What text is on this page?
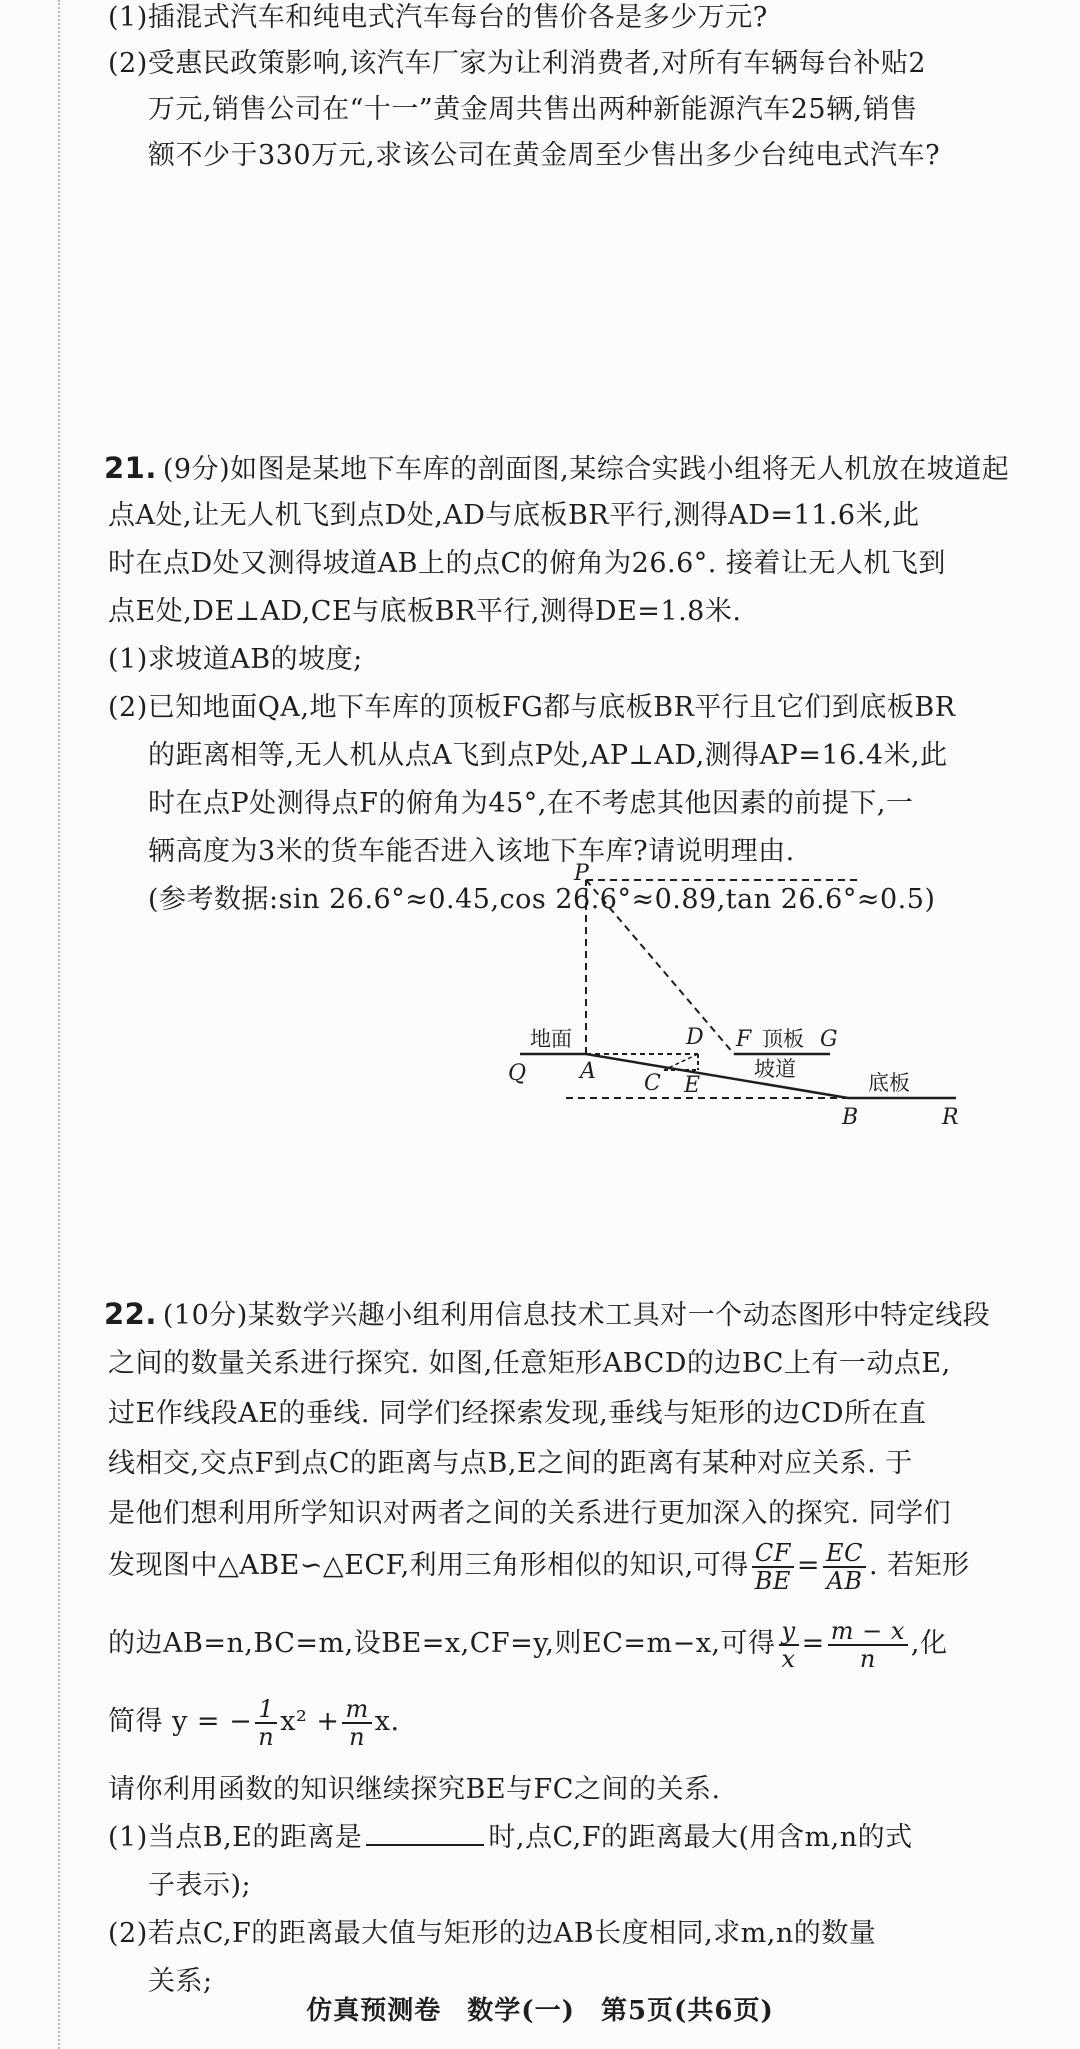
(1)插混式汽车和纯电式汽车每台的售价各是多少万元?
(2)受惠民政策影响,该汽车厂家为让利消费者,对所有车辆每台补贴2
万元,销售公司在“十一”黄金周共售出两种新能源汽车25辆,销售
额不少于330万元,求该公司在黄金周至少售出多少台纯电式汽车?
21. (9分)如图是某地下车库的剖面图,某综合实践小组将无人机放在坡道起
点A处,让无人机飞到点D处,AD与底板BR平行,测得AD=11.6米,此
时在点D处又测得坡道AB上的点C的俯角为26.6°. 接着让无人机飞到
点E处,DE⊥AD,CE与底板BR平行,测得DE=1.8米.
(1)求坡道AB的坡度;
(2)已知地面QA,地下车库的顶板FG都与底板BR平行且它们到底板BR
的距离相等,无人机从点A飞到点P处,AP⊥AD,测得AP=16.4米,此
时在点P处测得点F的俯角为45°,在不考虑其他因素的前提下,一
辆高度为3米的货车能否进入该地下车库?请说明理由.
(参考数据:sin 26.6°≈0.45,cos 26.6°≈0.89,tan 26.6°≈0.5)
P
D F	G
Q A C E
B	R
地面	顶板
坡道
底板
22. (10分)某数学兴趣小组利用信息技术工具对一个动态图形中特定线段
之间的数量关系进行探究. 如图,任意矩形ABCD的边BC上有一动点E,
过E作线段AE的垂线. 同学们经探索发现,垂线与矩形的边CD所在直
线相交,交点F到点C的距离与点B,E之间的距离有某种对应关系. 于
是他们想利用所学知识对两者之间的关系进行更加深入的探究. 同学们
发现图中△ABE∽△ECF,利用三角形相似的知识,可得 $\frac{CF}{BE} = \frac{EC}{AB}$ . 若矩形
的边AB=n,BC=m,设BE=x,CF=y,则EC=m−x,可得 $\frac{y}{x} = \frac{m - x}{n}$ ,化
简得 y = − $\frac{1}{n} x^2 + \frac{m}{n} x$.
请你利用函数的知识继续探究BE与FC之间的关系.
(1)当点B,E的距离是	时,点C,F的距离最大(用含m,n的式
子表示);
(2)若点C,F的距离最大值与矩形的边AB长度相同,求m,n的数量
关系;
仿真预测卷 数学(一) 第5页(共6页)
